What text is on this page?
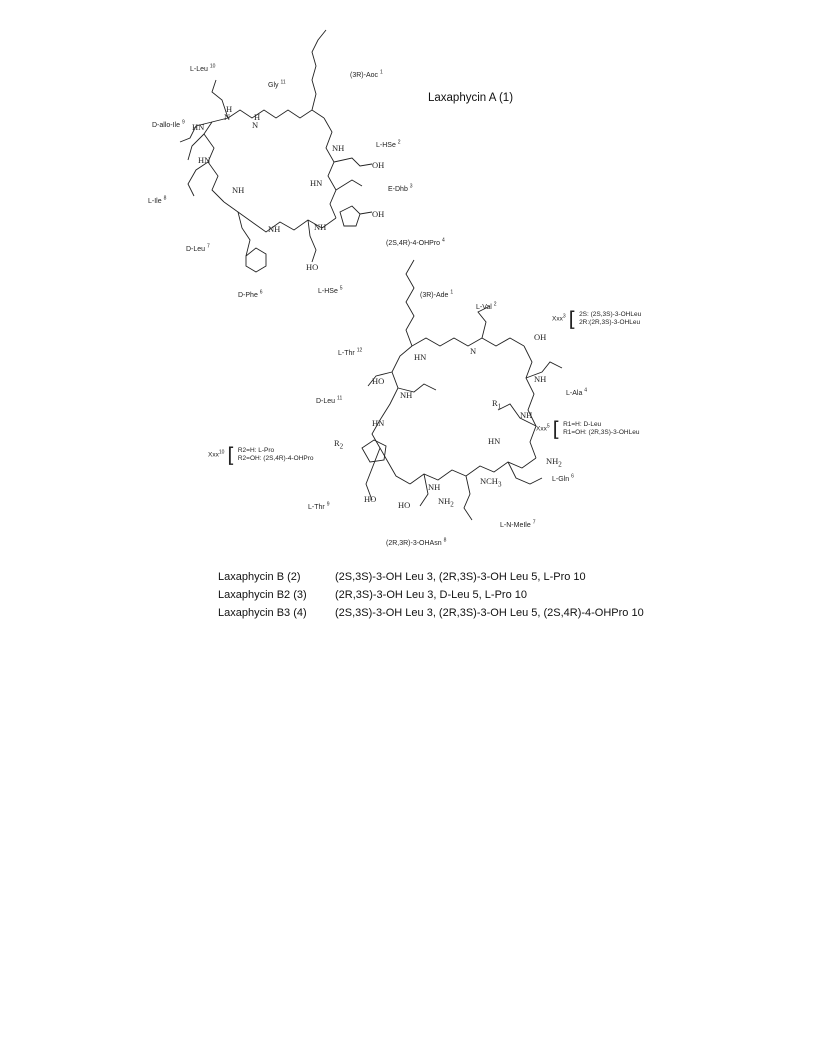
H
N	H
N
HN
HN
NH
NH
HN
OH
OH
NH
NH
HO
HN
N
OH
HO
NH
NH
NH
HN
HN
$NH_2$
$NCH_3$
NH
HO
HO	$NH_2$
$R_1$
$R_2$
Laxaphycin A (1)
L-Leu $^{10}$
Gly $^{11}$
(3R)-Aoc $^1$
D-allo-Ile $^9$
L-HSe $^2$
E-Dhb $^3$
L-Ile $^8$
D-Leu $^7$	(2S,4R)-4-OHPro $^4$
D-Phe $^6$	L-HSe $^5$
(3R)-Ade $^1$
L-Val $^2$
L-Thr $^{12}$
L-Ala $^4$
D-Leu $^{11}$
L-Gln $^6$
L-Thr $^9$
L-N-MeIle $^7$
(2R,3R)-3-OHAsn $^8$
Xxx$^3$ [ 2S: (2S,3S)-3-OHLeu
2R:(2R,3S)-3-OHLeu
Xxx$^5$ [ R1=H: D-Leu
R1=OH: (2R,3S)-3-OHLeu
Xxx$^{10}$ [ R2=H: L-Pro
R2=OH: (2S,4R)-4-OHPro
Laxaphycin B (2)	(2S,3S)-3-OH Leu 3, (2R,3S)-3-OH Leu 5, L-Pro 10
Laxaphycin B2 (3)	(2R,3S)-3-OH Leu 3, D-Leu 5, L-Pro 10
Laxaphycin B3 (4)	(2S,3S)-3-OH Leu 3, (2R,3S)-3-OH Leu 5, (2S,4R)-4-OHPro 10
